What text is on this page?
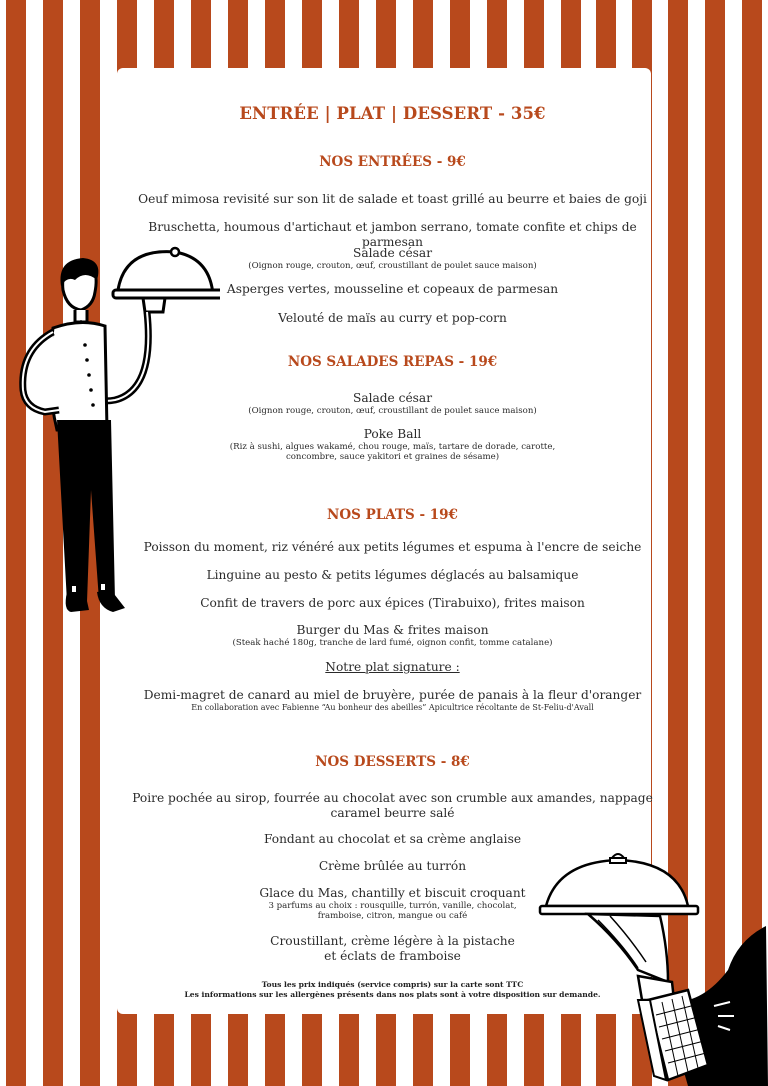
ENTRÉE | PLAT | DESSERT - 35€
NOS ENTRÉES - 9€
Oeuf mimosa revisité sur son lit de salade et toast grillé au beurre et baies de goji
Bruschetta, houmous d'artichaut et jambon serrano, tomate confite et chips de parmesan
Salade césar
(Oignon rouge, crouton, œuf, croustillant de poulet sauce maison)
Asperges vertes, mousseline et copeaux de parmesan
Velouté de maïs au curry et pop-corn
NOS SALADES REPAS - 19€
Salade césar
(Oignon rouge, crouton, œuf, croustillant de poulet sauce maison)
Poke Ball
(Riz à sushi, algues wakamé, chou rouge, maïs, tartare de dorade, carotte,
concombre, sauce yakitori et graines de sésame)
NOS PLATS - 19€
Poisson du moment, riz vénéré aux petits légumes et espuma à l'encre de seiche
Linguine au pesto & petits légumes déglacés au balsamique
Confit de travers de porc aux épices (Tirabuixo), frites maison
Burger du Mas & frites maison
(Steak haché 180g, tranche de lard fumé, oignon confit, tomme catalane)
Notre plat signature :
Demi-magret de canard au miel de bruyère, purée de panais à la fleur d'oranger
En collaboration avec Fabienne “Au bonheur des abeilles” Apicultrice récoltante de St-Feliu-d'Avall
NOS DESSERTS - 8€
Poire pochée au sirop, fourrée au chocolat avec son crumble aux amandes, nappage
caramel beurre salé
Fondant au chocolat et sa crème anglaise
Crème brûlée au turrón
Glace du Mas, chantilly et biscuit croquant
3 parfums au choix : rousquille, turrón, vanille, chocolat,
framboise, citron, mangue ou café
Croustillant, crème légère à la pistache
et éclats de framboise
Tous les prix indiqués (service compris) sur la carte sont TTC
Les informations sur les allergènes présents dans nos plats sont à votre disposition sur demande.
